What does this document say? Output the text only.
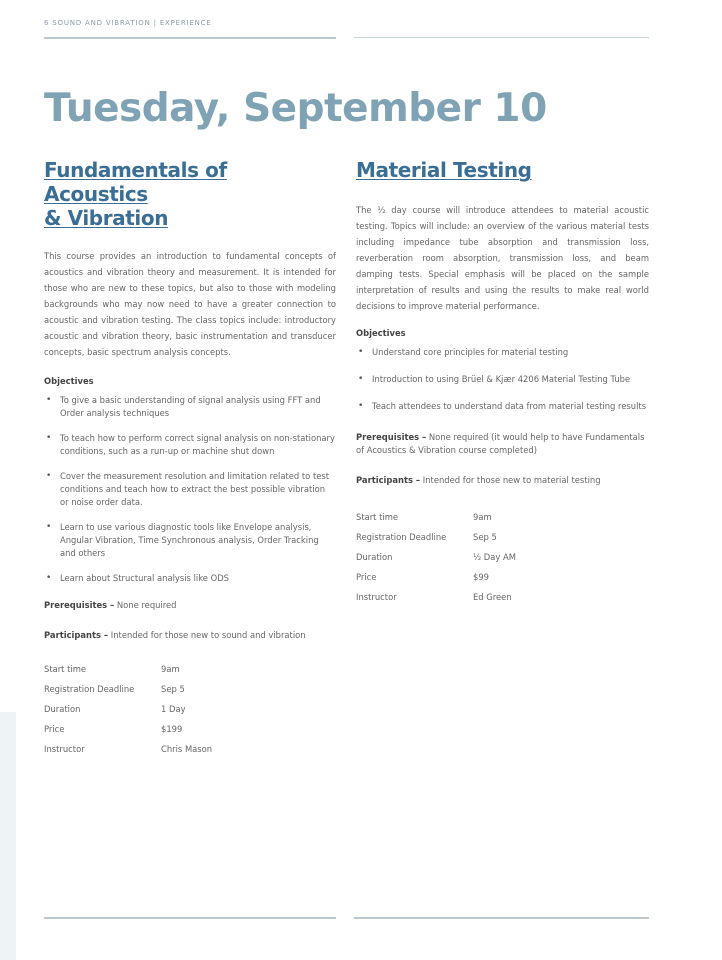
6 SOUND AND VIBRATION | EXPERIENCE
Tuesday, September 10
Fundamentals of Acoustics
& Vibration

This course provides an introduction to fundamental concepts of acoustics and vibration theory and measurement. It is intended for those who are new to these topics, but also to those with modeling backgrounds who may now need to have a greater connection to acoustic and vibration testing. The class topics include: introductory acoustic and vibration theory, basic instrumentation and transducer concepts, basic spectrum analysis concepts.

Objectives
• To give a basic understanding of signal analysis using FFT and Order analysis techniques
• To teach how to perform correct signal analysis on non-stationary conditions, such as a run-up or machine shut down
• Cover the measurement resolution and limitation related to test conditions and teach how to extract the best possible vibration or noise order data.
• Learn to use various diagnostic tools like Envelope analysis, Angular Vibration, Time Synchronous analysis, Order Tracking and others
• Learn about Structural analysis like ODS
Prerequisites – None required
Participants – Intended for those new to sound and vibration
Start time	9am
Registration Deadline	Sep 5
Duration	1 Day
Price	$199
Instructor	Chris Mason
Material Testing

The ½ day course will introduce attendees to material acoustic testing. Topics will include: an overview of the various material tests including impedance tube absorption and transmission loss, reverberation room absorption, transmission loss, and beam damping tests. Special emphasis will be placed on the sample interpretation of results and using the results to make real world decisions to improve material performance.

Objectives
• Understand core principles for material testing
• Introduction to using Brüel & Kjær 4206 Material Testing Tube
• Teach attendees to understand data from material testing results
Prerequisites – None required (it would help to have Fundamentals of Acoustics & Vibration course completed)
Participants – Intended for those new to material testing
Start time	9am
Registration Deadline	Sep 5
Duration	½ Day AM
Price	$99
Instructor	Ed Green
